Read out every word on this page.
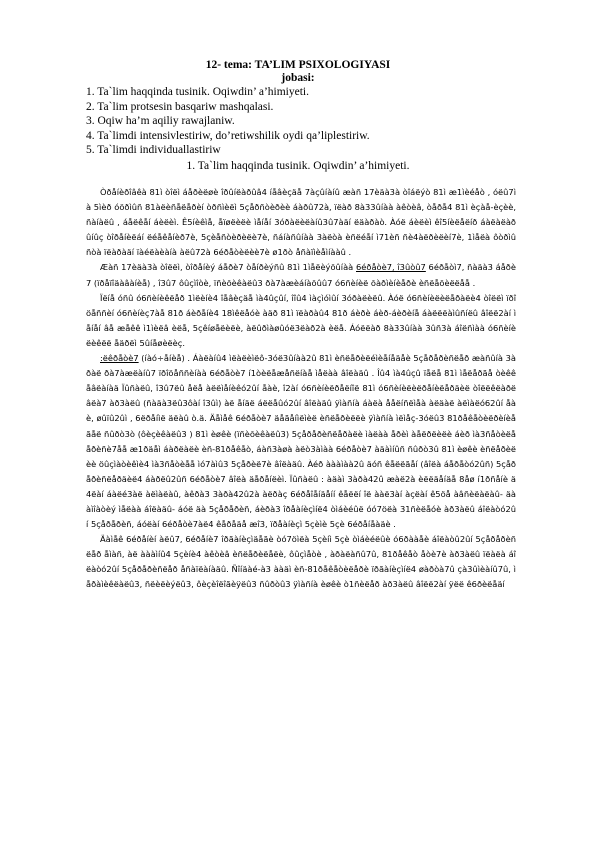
12- tema: TA’LIM PSIXOLOGIYASI
jobasi:
1. Ta`lim haqqinda tusinik. Oqiwdin’ a’himiyeti.
2. Ta`lim protsesin basqariw mashqalasi.
3. Oqiw ha’m aqiliy rawajlaniw.
4. Ta`limdi intensivlestiriw, do’retiwshilik oydi qa’liplestiriw.
5. Ta`limdi individuallastiriw
1. Ta`lim haqqinda tusinik. Oqiwdin’ a’himiyeti.

Òðåíèðîâêà 81ì òîëì áåðèëøè îðûíëàðûâ4 íåâèçäå 7àçûíàíû æàñ 17èäà3à òîáëýò 81ì æ1ìèéåò , óëû7ìà 5ìèð óöðìûñ 81àëèñåëåðèí òðñìèëì 5çåðñòèðèè áàðû72à, ïëàð 8à33ûíàà àêòèâ, òåðå4 81ì èçàå-èçèè, ñàíàëû , áåëêåí áèëèì. Ê5íèêìå, åïøëèëè ìåíåí 3óðàëèëàíû3û7àäí ëäàðàò. Àóë áèëèì êî5íèëåëíð áàëàëàðûíûç òîðåíèëáí ëéåêåíèð7è, 5çèåñòèðèëè7è, ñáíàñûíàà 3àëòà èñëéåí ì71èñ ñè4àëðèëèí7è, 1ìåëà ôòðìûñòà ïëàðàäí ïàéëàèàíà àëû72à 6éðåòèëèè7è ø1ðò åñàïìèåìíààû .

Æàñ 17èäà3à òîëëì, òîðåíèý áåðè7 òåíðèýñû 81ì 1ìåëèýõûíàà 6éðåòè7, î3ûòû7 6éðåòì7, ñàäà3 áåðè7 (ïðåïîäàâàíèå) , î3û7 ôûçìîòè, ïñèõèêàëû3 ðà7àæèáíàõûû7 ó6ñèíèë õàðìèíèåðè èñëåõèëëåå .

Ïëíå óñû ó6ñèíèêëåð 1ìëèíè4 îåâèçäå ìà4ûçûí, îîû4 ìàçìóìûí 3óðàëèëû. Àóë ó6ñèíèëèëåðàëè4 òîëëì ïðîöåññèí ó6ñèíèç7àå 81ð áèðåíè4 18ìêëåóè àäð 81ì ïëàðàû4 81ð áèðè áèð-áèðèíå áàëëëàìûñíëû âîëë2àí ìåíåí âå æåêê ì1ìèëâ èëå, 5çêíøåëèëè, àëûðìàøûóë3ëàð2à èëå. Áóëëàð 8à33ûíàà 3ûñ3à áîëñìàà ó6ñèíèëèêëë åäðëì 5ûíåøèëèç.

:ëêðåòè7 (íàó÷åíèå) . Áàëàíû4 ìëàëèìëô-3óë3ûíàà2û 81ì èñëåðèëéìèåíåäåè 5çåðåðèñëåð æàñûíà 3àðàë ðà7àæëàíû7 ïðîöåññèíàà 6éðåòè7 í1òèëåæåñëíàå ìåëàà âîëàäû . Îû4 ìà4ûçû ïåëå 81ì ìåëåðãå òèêêåâëàíàä Ïûñàëû, î3û7ëû åëå àëëìåíèêó2ûí åàè, î2àí ó6ñèíèëðåëíîë 81ì ó6ñèíèëèëðåíèëåðäèë òîëëêëàðëâëà7 àð3àëû (ñàäà3ëû3ôàí î3ûì) àë åíäë áëëåûó2ûí âîëàäû ÿìàñíà áàëà ååëíñëìåà àëäàë àëìàëó62ûí åàè, øûïû2ûì , 6ëðåíìë äëàû ò.ä. Äåìåê 6éðåòè7 äåãåíìëìèë èñëåðèëëè ÿìàñíà ìëìåç-3óëû3 81ðåêåòèëðèíèåãåë ñûðò3ò (ôèçèêàëû3 ) 81ì èøêè (ïñèõèêàëû3) 5çåðåðèñëåðàëè ìàëàà åðèì àåëðëèëè áèð ìà3ñåòèëå åðèñè7åå æ1ðäåì áàðëàëè èñ-81ðåêåò, áàñ3àøà àëò3àìàà 6éðåòè7 àäàìíûñ ñûðò3û 81ì èøêè èñëåðèëèè öûçìàòèêìè4 ìà3ñåòèåå ìó7àìû3 5çåðèë7è âîëàäû. Àéð àààìàà2û äóñ êåëëãåí (âîëà áåðåòó2ûñ) 5çåðåðèñëåðäèë4 áàðëû2ûñ 6éðåòè7 âîëà äåðåíëèì. Ïûñàëû : àäàì 3àðà42û æàë2à èëëäåíäå 8åø í1ðñåíè ä4ëàí áàëé3àë àëìàëàû, àêðà3 3àðà42û2à àëðàç 6éðåîåíäåíí êåëëí îë ààë3àí àçëàí ê5öå àâñèëàëàû- äààìîàòèý ìåëàà áîëàäû- áóë äà 5çåðåðèñ, áèðà3 îðåàíèçìíë4 òìáèéûë óó7öëà 31ñèëåóè àð3àëû áîëàòó2ûí 5çåðåðèñ, áóëàí 6éðåòè7àë4 êåðåäå æî3, ïðåàíèçì 5çèìè 5çè 6éðåíåàäè .

Äàìåê 6éðåíèí àëû7, 6éðåíè7 îðãàíèçìäåãè òó7öìëà 5çèíì 5çè òìáèéëûè ó6ðààåè áîëàòû2ûí 5çåðåðèñëåð åìàñ, àë àààìíû4 5çèíè4 àêòèâ èñëåðèëåëè, ôûçìåòè , àðàëàñû7û, 81ðåêåò åòè7è àð3àëû ïëàëà áîëàòó2ûí 5çåðåðèñëåð åñàïëàíàäû. Ñîíäàé-à3 ààäì èñ-81ðåêåòèëåðè ïðãàíèçìíë4 øàðòà7û çà3ûìèàíû7û, ìåðàìèêëàëû3, ñëèëèýëû3, ôèçèîëîãèÿëû3 ñûðòû3 ÿìàñíà èøêè ò1ñèëåð àð3àëû âîëë2àí ÿëë ê6ðèëåäí
